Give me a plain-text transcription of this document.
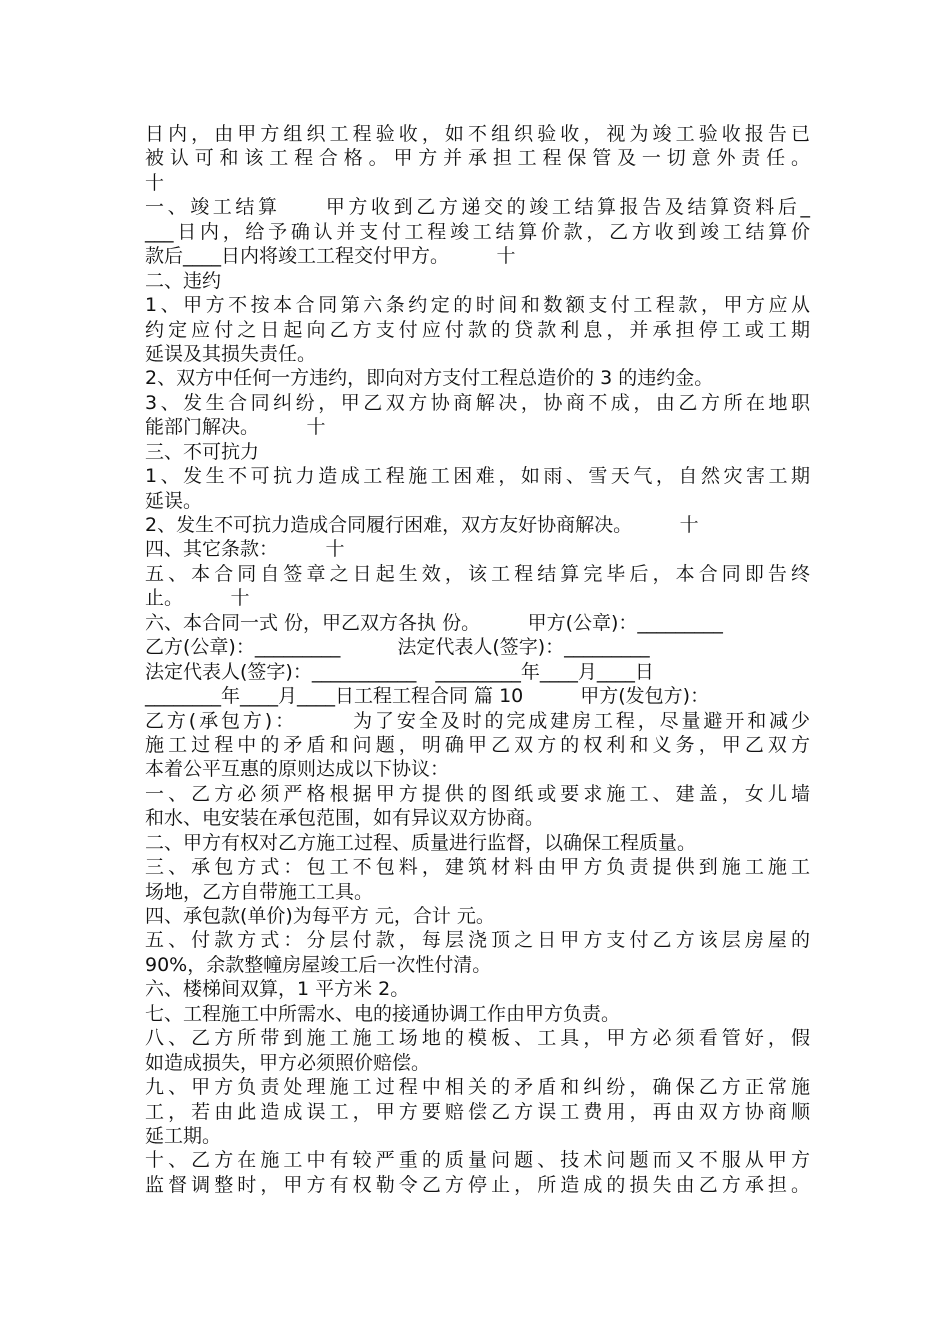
日内，由甲方组织工程验收，如不组织验收，视为竣工验收报告已
被认可和该工程合格。甲方并承担工程保管及一切意外责任。
十
一、竣工结算　　甲方收到乙方递交的竣工结算报告及结算资料后_
___日内，给予确认并支付工程竣工结算价款，乙方收到竣工结算价
款后____日内将竣工工程交付甲方。　　　十
二、违约
1、甲方不按本合同第六条约定的时间和数额支付工程款，甲方应从
约定应付之日起向乙方支付应付款的贷款利息，并承担停工或工期
延误及其损失责任。
2、双方中任何一方违约，即向对方支付工程总造价的 3 的违约金。
3、发生合同纠纷，甲乙双方协商解决，协商不成，由乙方所在地职
能部门解决。　　　十
三、不可抗力
1、发生不可抗力造成工程施工困难，如雨、雪天气，自然灾害工期
延误。
2、发生不可抗力造成合同履行困难，双方友好协商解决。　　　十
四、其它条款：　　　十
五、本合同自签章之日起生效，该工程结算完毕后，本合同即告终
止。　　　十
六、本合同一式 份，甲乙双方各执 份。　　　甲方(公章)：_________
乙方(公章)：_________　　　法定代表人(签字)：_________
法定代表人(签字)：___________　_________年____月____日
________年____月____日工程工程合同 篇 10　　　甲方(发包方)：
乙方(承包方)：　　　为了安全及时的完成建房工程，尽量避开和减少
施工过程中的矛盾和问题，明确甲乙双方的权利和义务，甲乙双方
本着公平互惠的原则达成以下协议：
一、乙方必须严格根据甲方提供的图纸或要求施工、建盖，女儿墙
和水、电安装在承包范围，如有异议双方协商。
二、甲方有权对乙方施工过程、质量进行监督，以确保工程质量。
三、承包方式：包工不包料，建筑材料由甲方负责提供到施工施工
场地，乙方自带施工工具。
四、承包款(单价)为每平方 元，合计 元。
五、付款方式：分层付款，每层浇顶之日甲方支付乙方该层房屋的
90%，余款整幢房屋竣工后一次性付清。
六、楼梯间双算，1 平方米 2。
七、工程施工中所需水、电的接通协调工作由甲方负责。
八、乙方所带到施工施工场地的模板、工具，甲方必须看管好，假
如造成损失，甲方必须照价赔偿。
九、甲方负责处理施工过程中相关的矛盾和纠纷，确保乙方正常施
工，若由此造成误工，甲方要赔偿乙方误工费用，再由双方协商顺
延工期。
十、乙方在施工中有较严重的质量问题、技术问题而又不服从甲方
监督调整时，甲方有权勒令乙方停止，所造成的损失由乙方承担。
